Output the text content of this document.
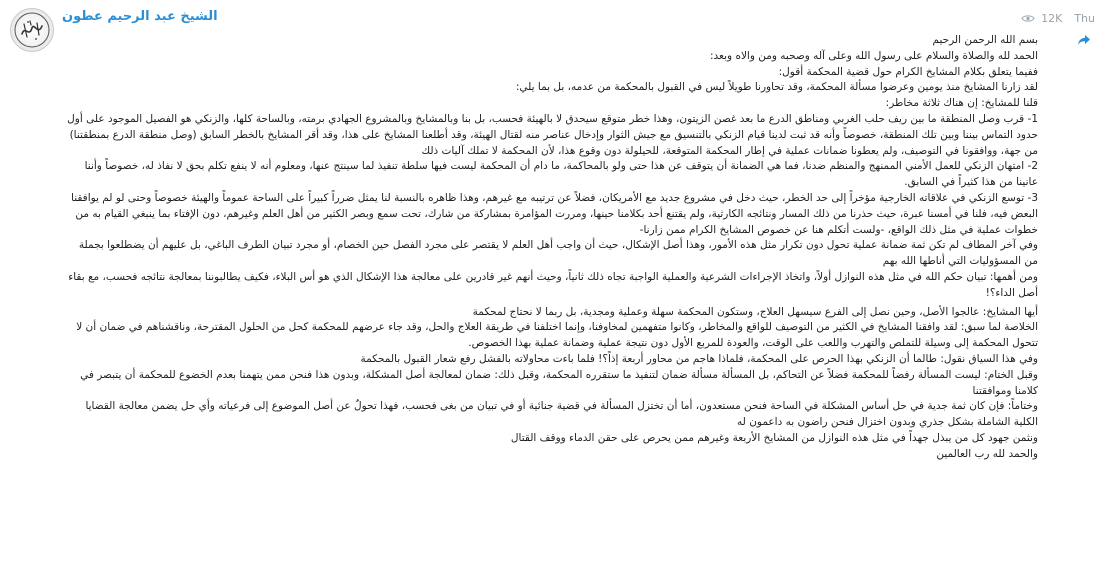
الشيخ عبد الرحيم عطون	12K Thu

بسم الله الرحمن الرحيم

الحمد لله والصلاة والسلام على رسول الله وعلى آله وصحبه ومن والاه وبعد:

ففيما يتعلق بكلام المشايخ الكرام حول قضية المحكمة أقول:

لقد زارنا المشايخ منذ يومين وعرضوا مسألة المحكمة، وقد تحاورنا طويلاً ليس في القبول بالمحكمة من عدمه، بل بما يلي:

قلنا للمشايخ: إن هناك ثلاثة مخاطر:

1- قرب وصل المنطقة ما بين ريف حلب الغربي ومناطق الدرع ما بعد غصن الزيتون، وهذا خطر متوقع سيحدق لا بالهيئة فحسب، بل بنا وبالمشايخ وبالمشروع الجهادي برمته، وبالساحة كلها، والزنكي هو الفصيل الموجود على أول حدود التماس بيننا وبين تلك المنطقة، خصوصاً وأنه قد ثبت لدينا قيام الزنكي بالتنسيق مع جيش الثوار وإدخال عناصر منه لقتال الهيئة، وقد أطلعنا المشايخ على هذا، وقد أقر المشايخ بالخطر السابق (وصل منطقة الدرع بمنطقتنا) من جهة، ووافقونا في التوصيف، ولم يعطونا ضمانات عملية في إطار المحكمة المتوقعة، للحيلولة دون وقوع هذا، لأن المحكمة لا تملك آليات ذلك

2- امتهان الزنكي للعمل الأمني الممنهج والمنظم ضدنا، فما هي الضمانة أن يتوقف عن هذا حتى ولو بالمحاكمة، ما دام أن المحكمة ليست فيها سلطة تنفيذ لما سينتج عنها، ومعلوم أنه لا ينفع تكلم بحق لا نفاذ له، خصوصاً وأننا عانينا من هذا كثيراً في السابق.

3- توسع الزنكي في علاقاته الخارجية مؤخراً إلى حد الخطر، حيث دخل في مشروع جديد مع الأمريكان، فضلاً عن ترتيبه مع غيرهم، وهذا ظاهره بالنسبة لنا يمثل ضرراً كبيراً على الساحة عموماً والهيئة خصوصاً وحتى لو لم يوافقنا البعض فيه، فلنا في أمسنا عبرة، حيث حذرنا من ذلك المسار ونتائجه الكارثية، ولم يقتنع أحد بكلامنا حينها، ومررت المؤامرة بمشاركة من شارك، تحت سمع وبصر الكثير من أهل العلم وغيرهم، دون الإفتاء بما ينبغي القيام به من خطوات عملية في مثل ذلك الواقع، -ولست أتكلم هنا عن خصوص المشايخ الكرام ممن زارنا-

وفي آخر المطاف لم تكن ثمة ضمانة عملية تحول دون تكرار مثل هذه الأمور، وهذا أصل الإشكال، حيث أن واجب أهل العلم لا يقتصر على مجرد الفصل حين الخصام، أو مجرد تبيان الطرف الباغي، بل عليهم أن يضطلعوا بجملة من المسؤوليات التي أناطها الله بهم

ومن أهمها: تبيان حكم الله في مثل هذه النوازل أولاً، واتخاذ الإجراءات الشرعية والعملية الواجبة تجاه ذلك ثانياً، وحيث أنهم غير قادرين على معالجة هذا الإشكال الذي هو أس البلاء، فكيف يطالبوننا بمعالجة نتائجه فحسب، مع بقاء أصل الداء؟!

أيها المشايخ: عالجوا الأصل، وحين نصل إلى الفرع سيسهل العلاج، وستكون المحكمة سهلة وعملية ومجدية، بل ربما لا نحتاج لمحكمة

الخلاصة لما سبق: لقد وافقنا المشايخ في الكثير من التوصيف للواقع والمخاطر، وكانوا متفهمين لمخاوفنا، وإنما اختلفنا في طريقة العلاج والحل، وقد جاء عرضهم للمحكمة كحل من الحلول المقترحة، وناقشناهم في ضمان أن لا تتحول المحكمة إلى وسيلة للتملص والتهرب واللعب على الوقت، والعودة للمربع الأول دون نتيجة عملية وضمانة عملية بهذا الخصوص.

وفي هذا السياق نقول: طالما أن الزنكي بهذا الحرص على المحكمة، فلماذا هاجم من محاور أربعة إذاً؟! فلما باءت محاولاته بالفشل رفع شعار القبول بالمحكمة

وقبل الختام: ليست المسألة رفضاً للمحكمة فضلاً عن التحاكم، بل المسألة مسألة ضمان لتنفيذ ما ستقرره المحكمة، وقبل ذلك: ضمان لمعالجة أصل المشكلة، وبدون هذا فنحن ممن يتهمنا بعدم الخضوع للمحكمة أن يتبصر في كلامنا وموافقتنا

وختاماً: فإن كان ثمة جدية في حل أساس المشكلة في الساحة فنحن مستعدون، أما أن تختزل المسألة في قضية جنائية أو في تبيان من بغى فحسب، فهذا تحولٌ عن أصل الموضوع إلى فرعياته وأي حل يضمن معالجة القضايا الكلية الشاملة بشكل جذري وبدون اختزال فنحن راضون به داعمون له

ونثمن جهود كل من يبذل جهداً في مثل هذه النوازل من المشايخ الأربعة وغيرهم ممن يحرص على حقن الدماء ووقف القتال

والحمد لله رب العالمين
